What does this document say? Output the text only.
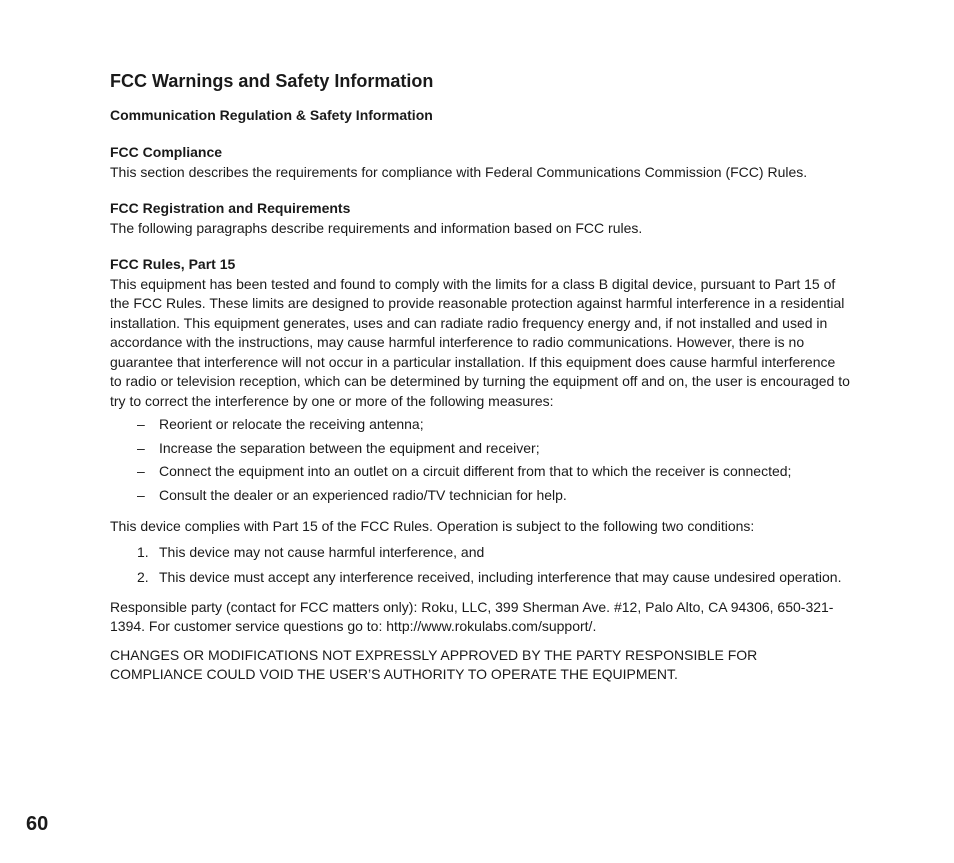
FCC Warnings and Safety Information
Communication Regulation & Safety Information
FCC Compliance

This section describes the requirements for compliance with Federal Communications Commission (FCC) Rules.

FCC Registration and Requirements

The following paragraphs describe requirements and information based on FCC rules.

FCC Rules, Part 15

This equipment has been tested and found to comply with the limits for a class B digital device, pursuant to Part 15 of the FCC Rules. These limits are designed to provide reasonable protection against harmful interference in a residential installation. This equipment generates, uses and can radiate radio frequency energy and, if not installed and used in accordance with the instructions, may cause harmful interference to radio communications. However, there is no guarantee that interference will not occur in a particular installation. If this equipment does cause harmful interference to radio or television reception, which can be determined by turning the equipment off and on, the user is encouraged to try to correct the interference by one or more of the following measures:

– Reorient or relocate the receiving antenna;
– Increase the separation between the equipment and receiver;
– Connect the equipment into an outlet on a circuit different from that to which the receiver is connected;
– Consult the dealer or an experienced radio/TV technician for help.

This device complies with Part 15 of the FCC Rules. Operation is subject to the following two conditions:

1. This device may not cause harmful interference, and
2. This device must accept any interference received, including interference that may cause undesired operation.

Responsible party (contact for FCC matters only): Roku, LLC, 399 Sherman Ave. #12, Palo Alto, CA 94306, 650-321-1394. For customer service questions go to: http://www.rokulabs.com/support/.

CHANGES OR MODIFICATIONS NOT EXPRESSLY APPROVED BY THE PARTY RESPONSIBLE FOR COMPLIANCE COULD VOID THE USER’S AUTHORITY TO OPERATE THE EQUIPMENT.

60
